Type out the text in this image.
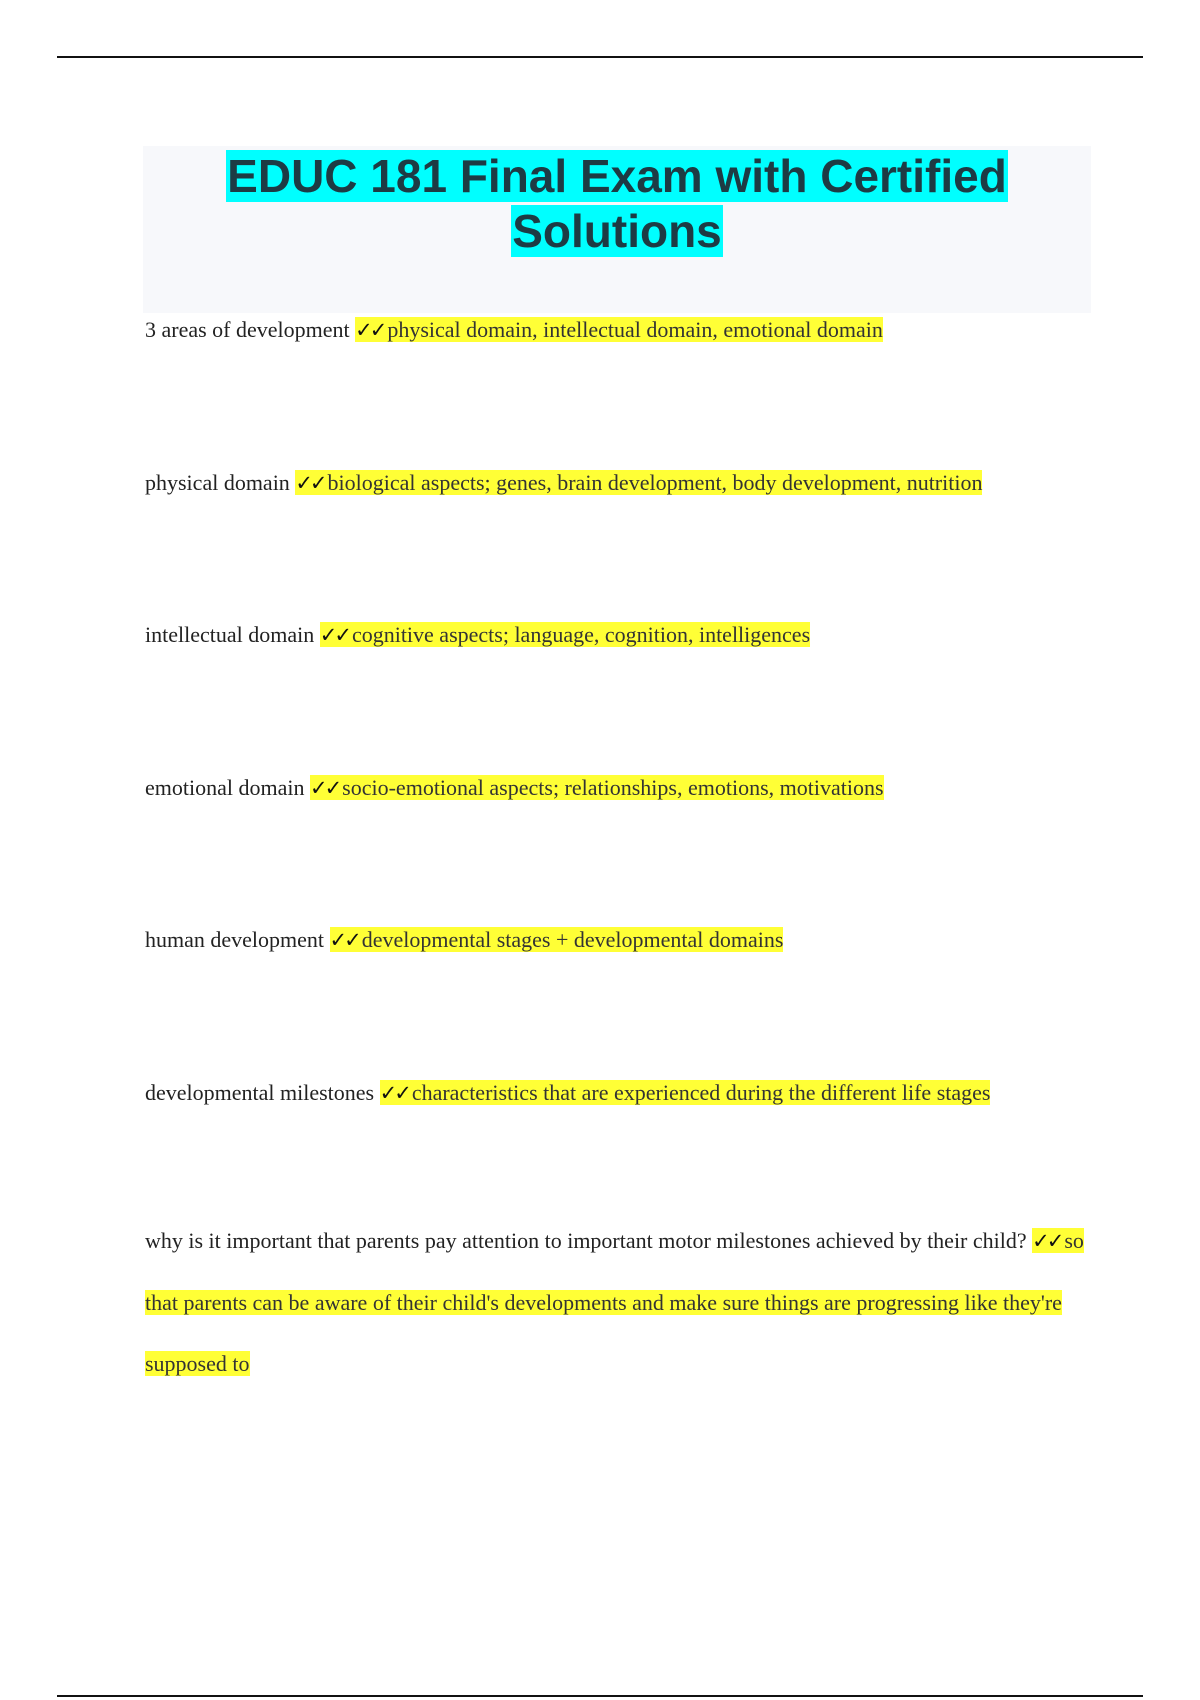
EDUC 181 Final Exam with Certified
Solutions
3 areas of development ✓✓ physical domain, intellectual domain, emotional domain
physical domain ✓✓ biological aspects; genes, brain development, body development, nutrition
intellectual domain ✓✓ cognitive aspects; language, cognition, intelligences
emotional domain ✓✓ socio-emotional aspects; relationships, emotions, motivations
human development ✓✓ developmental stages + developmental domains
developmental milestones ✓✓ characteristics that are experienced during the different life stages
why is it important that parents pay attention to important motor milestones achieved by their child? ✓✓ so that parents can be aware of their child's developments and make sure things are progressing like they're supposed to
